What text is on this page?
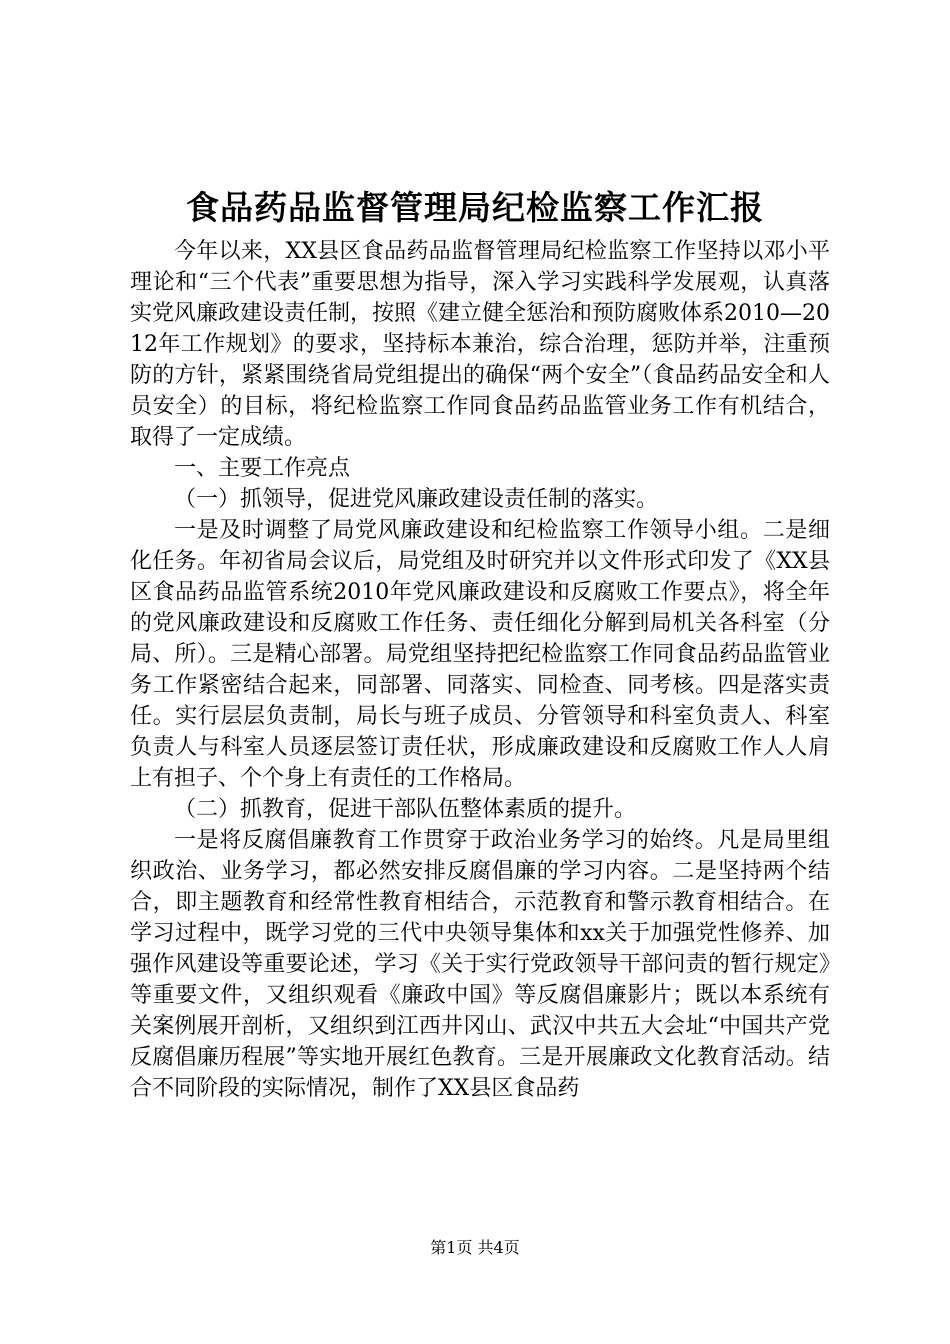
食品药品监督管理局纪检监察工作汇报

今年以来，XX县区食品药品监督管理局纪检监察工作坚持以邓小平理论和“三个代表”重要思想为指导，深入学习实践科学发展观，认真落实党风廉政建设责任制，按照《建立健全惩治和预防腐败体系2010—2012年工作规划》的要求，坚持标本兼治，综合治理，惩防并举，注重预防的方针，紧紧围绕省局党组提出的确保“两个安全”（食品药品安全和人员安全）的目标，将纪检监察工作同食品药品监管业务工作有机结合，取得了一定成绩。

一、主要工作亮点

（一）抓领导，促进党风廉政建设责任制的落实。

一是及时调整了局党风廉政建设和纪检监察工作领导小组。二是细化任务。年初省局会议后，局党组及时研究并以文件形式印发了《XX县区食品药品监管系统2010年党风廉政建设和反腐败工作要点》，将全年的党风廉政建设和反腐败工作任务、责任细化分解到局机关各科室（分局、所）。三是精心部署。局党组坚持把纪检监察工作同食品药品监管业务工作紧密结合起来，同部署、同落实、同检查、同考核。四是落实责任。实行层层负责制，局长与班子成员、分管领导和科室负责人、科室负责人与科室人员逐层签订责任状，形成廉政建设和反腐败工作人人肩上有担子、个个身上有责任的工作格局。

（二）抓教育，促进干部队伍整体素质的提升。

一是将反腐倡廉教育工作贯穿于政治业务学习的始终。凡是局里组织政治、业务学习，都必然安排反腐倡廉的学习内容。二是坚持两个结合，即主题教育和经常性教育相结合，示范教育和警示教育相结合。在学习过程中，既学习党的三代中央领导集体和xx关于加强党性修养、加强作风建设等重要论述，学习《关于实行党政领导干部问责的暂行规定》等重要文件，又组织观看《廉政中国》等反腐倡廉影片；既以本系统有关案例展开剖析，又组织到江西井冈山、武汉中共五大会址“中国共产党反腐倡廉历程展”等实地开展红色教育。三是开展廉政文化教育活动。结合不同阶段的实际情况，制作了XX县区食品药

第1页 共4页
